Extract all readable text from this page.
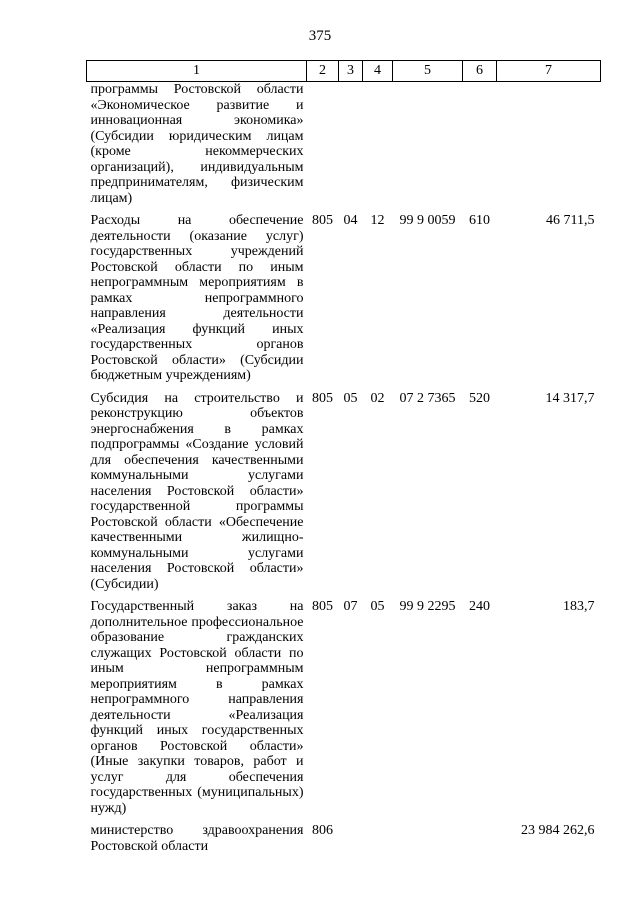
375
1	2	3	4	5	6	7
программы Ростовской области «Экономическое развитие и инновационная экономика» (Субсидии юридическим лицам (кроме некоммерческих организаций), индивидуальным предпринимателям, физическим лицам)						
Расходы на обеспечение деятельности (оказание услуг) государственных учреждений Ростовской области по иным непрограммным мероприятиям в рамках непрограммного направления деятельности «Реализация функций иных государственных органов Ростовской области» (Субсидии бюджетным учреждениям)	805	04	12	99 9 0059	610	46 711,5
Субсидия на строительство и реконструкцию объектов энергоснабжения в рамках подпрограммы «Создание условий для обеспечения качественными коммунальными услугами населения Ростовской области» государственной программы Ростовской области «Обеспечение качественными жилищно-коммунальными услугами населения Ростовской области» (Субсидии)	805	05	02	07 2 7365	520	14 317,7
Государственный заказ на дополнительное профессиональное образование гражданских служащих Ростовской области по иным непрограммным мероприятиям в рамках непрограммного направления деятельности «Реализация функций иных государственных органов Ростовской области» (Иные закупки товаров, работ и услуг для обеспечения государственных (муниципальных) нужд)	805	07	05	99 9 2295	240	183,7
министерство здравоохранения Ростовской области	806					23 984 262,6
